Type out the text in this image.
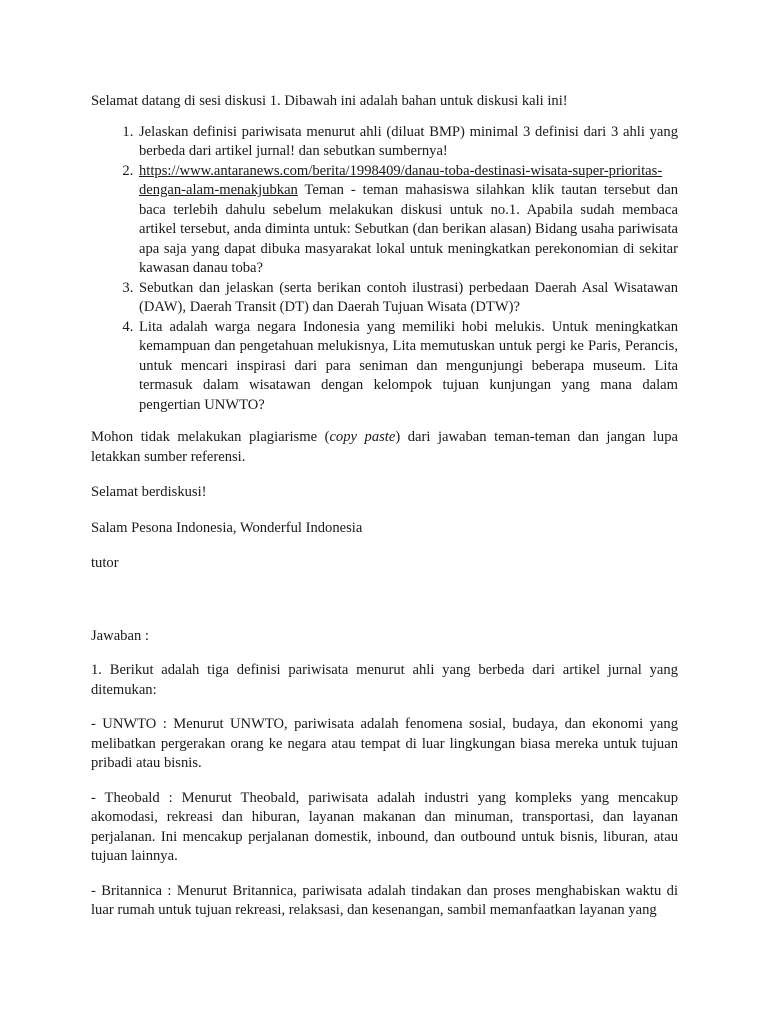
Selamat datang di sesi diskusi 1. Dibawah ini adalah bahan untuk diskusi kali ini!

1. Jelaskan definisi pariwisata menurut ahli (diluat BMP) minimal 3 definisi dari 3 ahli yang berbeda dari artikel jurnal! dan sebutkan sumbernya!
2. https://www.antaranews.com/berita/1998409/danau-toba-destinasi-wisata-super-prioritas-dengan-alam-menakjubkan Teman - teman mahasiswa silahkan klik tautan tersebut dan baca terlebih dahulu sebelum melakukan diskusi untuk no.1. Apabila sudah membaca artikel tersebut, anda diminta untuk: Sebutkan (dan berikan alasan) Bidang usaha pariwisata apa saja yang dapat dibuka masyarakat lokal untuk meningkatkan perekonomian di sekitar kawasan danau toba?
3. Sebutkan dan jelaskan (serta berikan contoh ilustrasi) perbedaan Daerah Asal Wisatawan (DAW), Daerah Transit (DT) dan Daerah Tujuan Wisata (DTW)?
4. Lita adalah warga negara Indonesia yang memiliki hobi melukis. Untuk meningkatkan kemampuan dan pengetahuan melukisnya, Lita memutuskan untuk pergi ke Paris, Perancis, untuk mencari inspirasi dari para seniman dan mengunjungi beberapa museum. Lita termasuk dalam wisatawan dengan kelompok tujuan kunjungan yang mana dalam pengertian UNWTO?

Mohon tidak melakukan plagiarisme (copy paste) dari jawaban teman-teman dan jangan lupa letakkan sumber referensi.

Selamat berdiskusi!

Salam Pesona Indonesia, Wonderful Indonesia

tutor

Jawaban :

1. Berikut adalah tiga definisi pariwisata menurut ahli yang berbeda dari artikel jurnal yang ditemukan:

- UNWTO : Menurut UNWTO, pariwisata adalah fenomena sosial, budaya, dan ekonomi yang melibatkan pergerakan orang ke negara atau tempat di luar lingkungan biasa mereka untuk tujuan pribadi atau bisnis.

- Theobald : Menurut Theobald, pariwisata adalah industri yang kompleks yang mencakup akomodasi, rekreasi dan hiburan, layanan makanan dan minuman, transportasi, dan layanan perjalanan. Ini mencakup perjalanan domestik, inbound, dan outbound untuk bisnis, liburan, atau tujuan lainnya.

- Britannica : Menurut Britannica, pariwisata adalah tindakan dan proses menghabiskan waktu di luar rumah untuk tujuan rekreasi, relaksasi, dan kesenangan, sambil memanfaatkan layanan yang
